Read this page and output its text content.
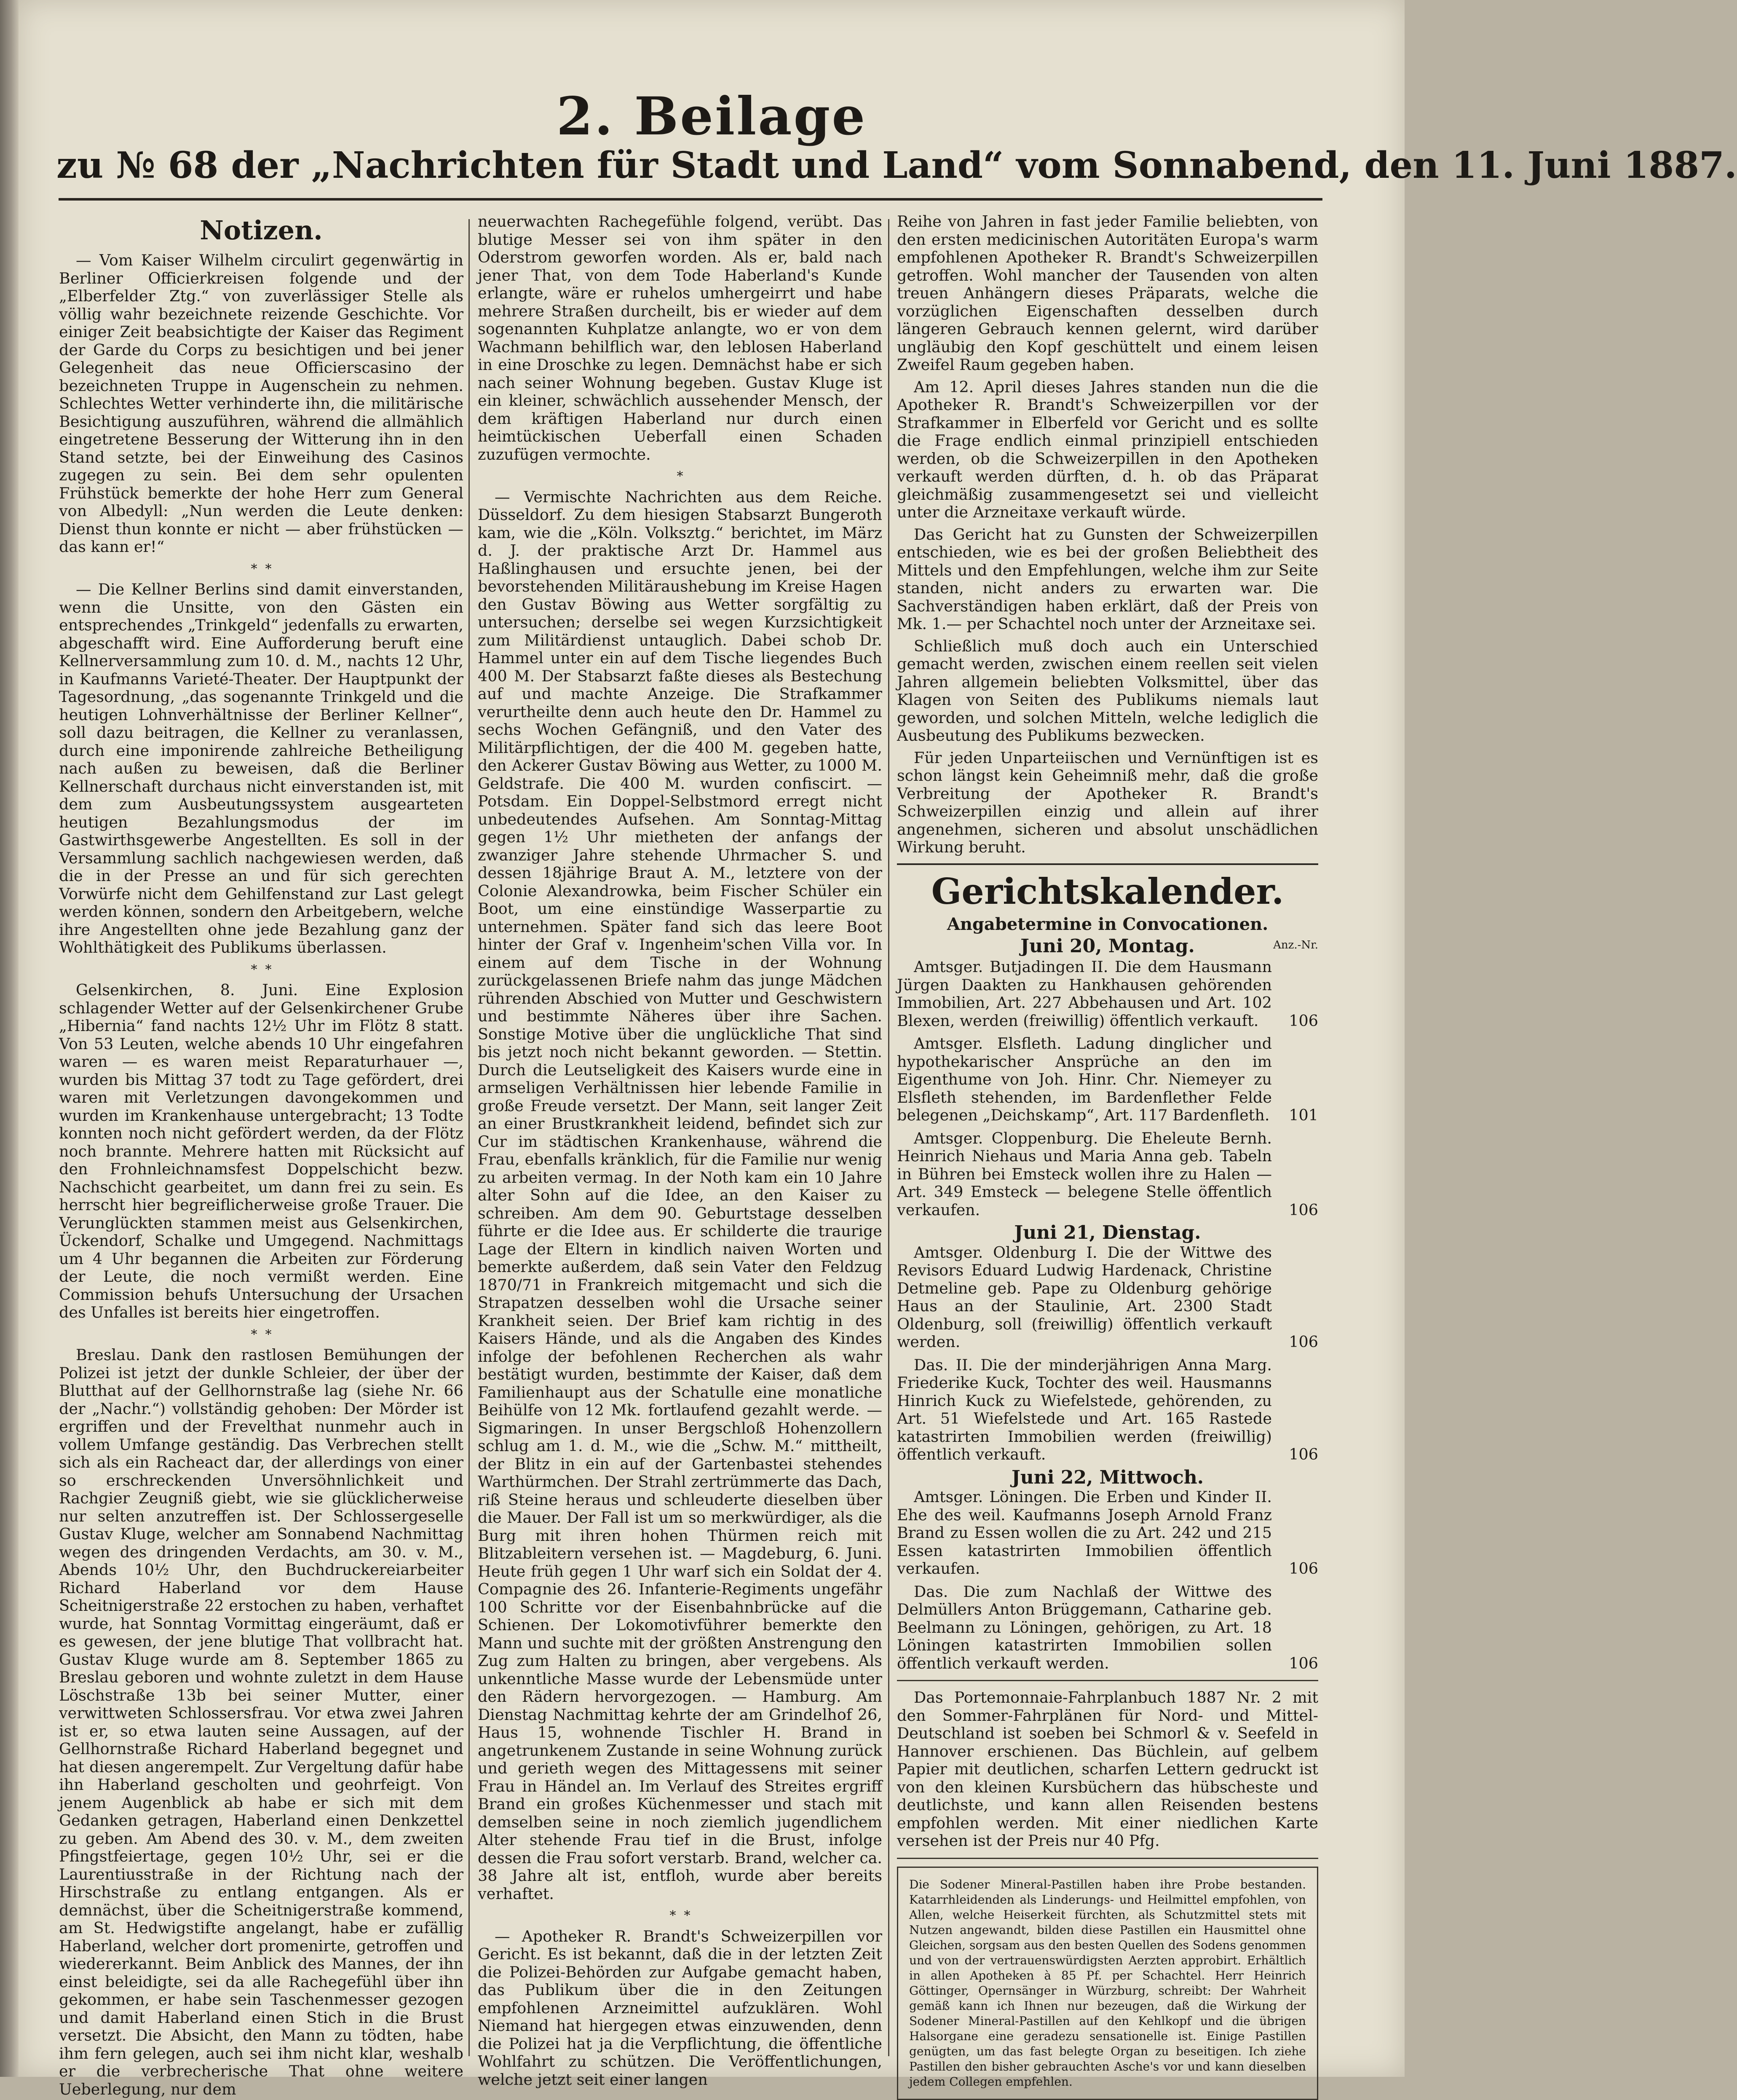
2. Beilage
zu № 68 der „Nachrichten für Stadt und Land“ vom Sonnabend, den 11. Juni 1887.
Notizen.

— Vom Kaiser Wilhelm circulirt gegenwärtig in Berliner Officierkreisen folgende und der „Elberfelder Ztg.“ von zuverlässiger Stelle als völlig wahr bezeichnete reizende Geschichte. Vor einiger Zeit beabsichtigte der Kaiser das Regiment der Garde du Corps zu besichtigen und bei jener Gelegenheit das neue Officierscasino der bezeichneten Truppe in Augenschein zu nehmen. Schlechtes Wetter verhinderte ihn, die militärische Besichtigung auszuführen, während die allmählich eingetretene Besserung der Witterung ihn in den Stand setzte, bei der Einweihung des Casinos zugegen zu sein. Bei dem sehr opulenten Frühstück bemerkte der hohe Herr zum General von Albedyll: „Nun werden die Leute denken: Dienst thun konnte er nicht — aber frühstücken — das kann er!“

*  *

— Die Kellner Berlins sind damit einverstanden, wenn die Unsitte, von den Gästen ein entsprechendes „Trinkgeld“ jedenfalls zu erwarten, abgeschafft wird. Eine Aufforderung beruft eine Kellnerversammlung zum 10. d. M., nachts 12 Uhr, in Kaufmanns Varieté-Theater. Der Hauptpunkt der Tagesordnung, „das sogenannte Trinkgeld und die heutigen Lohnverhältnisse der Berliner Kellner“, soll dazu beitragen, die Kellner zu veranlassen, durch eine imponirende zahlreiche Betheiligung nach außen zu beweisen, daß die Berliner Kellnerschaft durchaus nicht einverstanden ist, mit dem zum Ausbeutungssystem ausgearteten heutigen Bezahlungsmodus der im Gastwirthsgewerbe Angestellten. Es soll in der Versammlung sachlich nachgewiesen werden, daß die in der Presse an und für sich gerechten Vorwürfe nicht dem Gehilfenstand zur Last gelegt werden können, sondern den Arbeitgebern, welche ihre Angestellten ohne jede Bezahlung ganz der Wohlthätigkeit des Publikums überlassen.

*  *

Gelsenkirchen, 8. Juni. Eine Explosion schlagender Wetter auf der Gelsenkirchener Grube „Hibernia“ fand nachts 12½ Uhr im Flötz 8 statt. Von 53 Leuten, welche abends 10 Uhr eingefahren waren — es waren meist Reparaturhauer —, wurden bis Mittag 37 todt zu Tage gefördert, drei waren mit Verletzungen davongekommen und wurden im Krankenhause untergebracht; 13 Todte konnten noch nicht gefördert werden, da der Flötz noch brannte. Mehrere hatten mit Rücksicht auf den Frohnleichnamsfest Doppelschicht bezw. Nachschicht gearbeitet, um dann frei zu sein. Es herrscht hier begreiflicherweise große Trauer. Die Verunglückten stammen meist aus Gelsenkirchen, Ückendorf, Schalke und Umgegend. Nachmittags um 4 Uhr begannen die Arbeiten zur Förderung der Leute, die noch vermißt werden. Eine Commission behufs Untersuchung der Ursachen des Unfalles ist bereits hier eingetroffen.

*  *

Breslau. Dank den rastlosen Bemühungen der Polizei ist jetzt der dunkle Schleier, der über der Blutthat auf der Gellhornstraße lag (siehe Nr. 66 der „Nachr.“) vollständig gehoben: Der Mörder ist ergriffen und der Frevelthat nunmehr auch in vollem Umfange geständig. Das Verbrechen stellt sich als ein Racheact dar, der allerdings von einer so erschreckenden Unversöhnlichkeit und Rachgier Zeugniß giebt, wie sie glücklicherweise nur selten anzutreffen ist. Der Schlossergeselle Gustav Kluge, welcher am Sonnabend Nachmittag wegen des dringenden Verdachts, am 30. v. M., Abends 10½ Uhr, den Buchdruckereiarbeiter Richard Haberland vor dem Hause Scheitnigerstraße 22 erstochen zu haben, verhaftet wurde, hat Sonntag Vormittag eingeräumt, daß er es gewesen, der jene blutige That vollbracht hat. Gustav Kluge wurde am 8. September 1865 zu Breslau geboren und wohnte zuletzt in dem Hause Löschstraße 13b bei seiner Mutter, einer verwittweten Schlossersfrau. Vor etwa zwei Jahren ist er, so etwa lauten seine Aussagen, auf der Gellhornstraße Richard Haberland begegnet und hat diesen angerempelt. Zur Vergeltung dafür habe ihn Haberland gescholten und geohrfeigt. Von jenem Augenblick ab habe er sich mit dem Gedanken getragen, Haberland einen Denkzettel zu geben. Am Abend des 30. v. M., dem zweiten Pfingstfeiertage, gegen 10½ Uhr, sei er die Laurentiusstraße in der Richtung nach der Hirschstraße zu entlang entgangen. Als er demnächst, über die Scheitnigerstraße kommend, am St. Hedwigstifte angelangt, habe er zufällig Haberland, welcher dort promenirte, getroffen und wiedererkannt. Beim Anblick des Mannes, der ihn einst beleidigte, sei da alle Rachegefühl über ihn gekommen, er habe sein Taschenmesser gezogen und damit Haberland einen Stich in die Brust versetzt. Die Absicht, den Mann zu tödten, habe ihm fern gelegen, auch sei ihm nicht klar, weshalb er die verbrecherische That ohne weitere Ueberlegung, nur dem

neuerwachten Rachegefühle folgend, verübt. Das blutige Messer sei von ihm später in den Oderstrom geworfen worden. Als er, bald nach jener That, von dem Tode Haberland's Kunde erlangte, wäre er ruhelos umhergeirrt und habe mehrere Straßen durcheilt, bis er wieder auf dem sogenannten Kuhplatze anlangte, wo er von dem Wachmann behilflich war, den leblosen Haberland in eine Droschke zu legen. Demnächst habe er sich nach seiner Wohnung begeben. Gustav Kluge ist ein kleiner, schwächlich aussehender Mensch, der dem kräftigen Haberland nur durch einen heimtückischen Ueberfall einen Schaden zuzufügen vermochte.

*

— Vermischte Nachrichten aus dem Reiche. Düsseldorf. Zu dem hiesigen Stabsarzt Bungeroth kam, wie die „Köln. Volksztg.“ berichtet, im März d. J. der praktische Arzt Dr. Hammel aus Haßlinghausen und ersuchte jenen, bei der bevorstehenden Militäraushebung im Kreise Hagen den Gustav Böwing aus Wetter sorgfältig zu untersuchen; derselbe sei wegen Kurzsichtigkeit zum Militärdienst untauglich. Dabei schob Dr. Hammel unter ein auf dem Tische liegendes Buch 400 M. Der Stabsarzt faßte dieses als Bestechung auf und machte Anzeige. Die Strafkammer verurtheilte denn auch heute den Dr. Hammel zu sechs Wochen Gefängniß, und den Vater des Militärpflichtigen, der die 400 M. gegeben hatte, den Ackerer Gustav Böwing aus Wetter, zu 1000 M. Geldstrafe. Die 400 M. wurden confiscirt. — Potsdam. Ein Doppel-Selbstmord erregt nicht unbedeutendes Aufsehen. Am Sonntag-Mittag gegen 1½ Uhr mietheten der anfangs der zwanziger Jahre stehende Uhrmacher S. und dessen 18jährige Braut A. M., letztere von der Colonie Alexandrowka, beim Fischer Schüler ein Boot, um eine einstündige Wasserpartie zu unternehmen. Später fand sich das leere Boot hinter der Graf v. Ingenheim'schen Villa vor. In einem auf dem Tische in der Wohnung zurückgelassenen Briefe nahm das junge Mädchen rührenden Abschied von Mutter und Geschwistern und bestimmte Näheres über ihre Sachen. Sonstige Motive über die unglückliche That sind bis jetzt noch nicht bekannt geworden. — Stettin. Durch die Leutseligkeit des Kaisers wurde eine in armseligen Verhältnissen hier lebende Familie in große Freude versetzt. Der Mann, seit langer Zeit an einer Brustkrankheit leidend, befindet sich zur Cur im städtischen Krankenhause, während die Frau, ebenfalls kränklich, für die Familie nur wenig zu arbeiten vermag. In der Noth kam ein 10 Jahre alter Sohn auf die Idee, an den Kaiser zu schreiben. Am dem 90. Geburtstage desselben führte er die Idee aus. Er schilderte die traurige Lage der Eltern in kindlich naiven Worten und bemerkte außerdem, daß sein Vater den Feldzug 1870/71 in Frankreich mitgemacht und sich die Strapatzen desselben wohl die Ursache seiner Krankheit seien. Der Brief kam richtig in des Kaisers Hände, und als die Angaben des Kindes infolge der befohlenen Recherchen als wahr bestätigt wurden, bestimmte der Kaiser, daß dem Familienhaupt aus der Schatulle eine monatliche Beihülfe von 12 Mk. fortlaufend gezahlt werde. — Sigmaringen. In unser Bergschloß Hohenzollern schlug am 1. d. M., wie die „Schw. M.“ mittheilt, der Blitz in ein auf der Gartenbastei stehendes Warthürmchen. Der Strahl zertrümmerte das Dach, riß Steine heraus und schleuderte dieselben über die Mauer. Der Fall ist um so merkwürdiger, als die Burg mit ihren hohen Thürmen reich mit Blitzableitern versehen ist. — Magdeburg, 6. Juni. Heute früh gegen 1 Uhr warf sich ein Soldat der 4. Compagnie des 26. Infanterie-Regiments ungefähr 100 Schritte vor der Eisenbahnbrücke auf die Schienen. Der Lokomotivführer bemerkte den Mann und suchte mit der größten Anstrengung den Zug zum Halten zu bringen, aber vergebens. Als unkenntliche Masse wurde der Lebensmüde unter den Rädern hervorgezogen. — Hamburg. Am Dienstag Nachmittag kehrte der am Grindelhof 26, Haus 15, wohnende Tischler H. Brand in angetrunkenem Zustande in seine Wohnung zurück und gerieth wegen des Mittagessens mit seiner Frau in Händel an. Im Verlauf des Streites ergriff Brand ein großes Küchenmesser und stach mit demselben seine in noch ziemlich jugendlichem Alter stehende Frau tief in die Brust, infolge dessen die Frau sofort verstarb. Brand, welcher ca. 38 Jahre alt ist, entfloh, wurde aber bereits verhaftet.

*  *

— Apotheker R. Brandt's Schweizerpillen vor Gericht. Es ist bekannt, daß die in der letzten Zeit die Polizei-Behörden zur Aufgabe gemacht haben, das Publikum über die in den Zeitungen empfohlenen Arzneimittel aufzuklären. Wohl Niemand hat hiergegen etwas einzuwenden, denn die Polizei hat ja die Verpflichtung, die öffentliche Wohlfahrt zu schützen. Die Veröffentlichungen, welche jetzt seit einer langen

Reihe von Jahren in fast jeder Familie beliebten, von den ersten medicinischen Autoritäten Europa's warm empfohlenen Apotheker R. Brandt's Schweizerpillen getroffen. Wohl mancher der Tausenden von alten treuen Anhängern dieses Präparats, welche die vorzüglichen Eigenschaften desselben durch längeren Gebrauch kennen gelernt, wird darüber ungläubig den Kopf geschüttelt und einem leisen Zweifel Raum gegeben haben.

Am 12. April dieses Jahres standen nun die die Apotheker R. Brandt's Schweizerpillen vor der Strafkammer in Elberfeld vor Gericht und es sollte die Frage endlich einmal prinzipiell entschieden werden, ob die Schweizerpillen in den Apotheken verkauft werden dürften, d. h. ob das Präparat gleichmäßig zusammengesetzt sei und vielleicht unter die Arzneitaxe verkauft würde.

Das Gericht hat zu Gunsten der Schweizerpillen entschieden, wie es bei der großen Beliebtheit des Mittels und den Empfehlungen, welche ihm zur Seite standen, nicht anders zu erwarten war. Die Sachverständigen haben erklärt, daß der Preis von Mk. 1.— per Schachtel noch unter der Arzneitaxe sei.

Schließlich muß doch auch ein Unterschied gemacht werden, zwischen einem reellen seit vielen Jahren allgemein beliebten Volksmittel, über das Klagen von Seiten des Publikums niemals laut geworden, und solchen Mitteln, welche lediglich die Ausbeutung des Publikums bezwecken.

Für jeden Unparteiischen und Vernünftigen ist es schon längst kein Geheimniß mehr, daß die große Verbreitung der Apotheker R. Brandt's Schweizerpillen einzig und allein auf ihrer angenehmen, sicheren und absolut unschädlichen Wirkung beruht.

Gerichtskalender.
Angabetermine in Convocationen.
Juni 20, Montag.	Anz.-Nr.
Amtsger. Butjadingen II. Die dem Hausmann Jürgen Daakten zu Hankhausen gehörenden Immobilien, Art. 227 Abbehausen und Art. 102 Blexen, werden (freiwillig) öffentlich verkauft.	106
Amtsger. Elsfleth. Ladung dinglicher und hypothekarischer Ansprüche an den im Eigenthume von Joh. Hinr. Chr. Niemeyer zu Elsfleth stehenden, im Bardenflether Felde belegenen „Deichskamp“, Art. 117 Bardenfleth. 101
Amtsger. Cloppenburg. Die Eheleute Bernh. Heinrich Niehaus und Maria Anna geb. Tabeln in Bühren bei Emsteck wollen ihre zu Halen — Art. 349 Emsteck — belegene Stelle öffentlich verkaufen.	106
Juni 21, Dienstag.
Amtsger. Oldenburg I. Die der Wittwe des Revisors Eduard Ludwig Hardenack, Christine Detmeline geb. Pape zu Oldenburg gehörige Haus an der Staulinie, Art. 2300 Stadt Oldenburg, soll (freiwillig) öffentlich verkauft werden.	106
Das. II. Die der minderjährigen Anna Marg. Friederike Kuck, Tochter des weil. Hausmanns Hinrich Kuck zu Wiefelstede, gehörenden, zu Art. 51 Wiefelstede und Art. 165 Rastede katastrirten Immobilien werden (freiwillig) öffentlich verkauft.	106
Juni 22, Mittwoch.
Amtsger. Löningen. Die Erben und Kinder II. Ehe des weil. Kaufmanns Joseph Arnold Franz Brand zu Essen wollen die zu Art. 242 und 215 Essen katastrirten Immobilien öffentlich verkaufen.	106
Das. Die zum Nachlaß der Wittwe des Delmüllers Anton Brüggemann, Catharine geb. Beelmann zu Löningen, gehörigen, zu Art. 18 Löningen katastrirten Immobilien sollen öffentlich verkauft werden.	106

Das Portemonnaie-Fahrplanbuch 1887 Nr. 2 mit den Sommer-Fahrplänen für Nord- und Mittel-Deutschland ist soeben bei Schmorl & v. Seefeld in Hannover erschienen. Das Büchlein, auf gelbem Papier mit deutlichen, scharfen Lettern gedruckt ist von den kleinen Kursbüchern das hübscheste und deutlichste, und kann allen Reisenden bestens empfohlen werden. Mit einer niedlichen Karte versehen ist der Preis nur 40 Pfg.

Die Sodener Mineral-Pastillen haben ihre Probe bestanden. Katarrhleidenden als Linderungs- und Heilmittel empfohlen, von Allen, welche Heiserkeit fürchten, als Schutzmittel stets mit Nutzen angewandt, bilden diese Pastillen ein Hausmittel ohne Gleichen, sorgsam aus den besten Quellen des Sodens genommen und von der vertrauenswürdigsten Aerzten approbirt. Erhältlich in allen Apotheken à 85 Pf. per Schachtel. Herr Heinrich Göttinger, Opernsänger in Würzburg, schreibt: Der Wahrheit gemäß kann ich Ihnen nur bezeugen, daß die Wirkung der Sodener Mineral-Pastillen auf den Kehlkopf und die übrigen Halsorgane eine geradezu sensationelle ist. Einige Pastillen genügten, um das fast belegte Organ zu beseitigen. Ich ziehe Pastillen den bisher gebrauchten Asche's vor und kann dieselben jedem Collegen empfehlen.
